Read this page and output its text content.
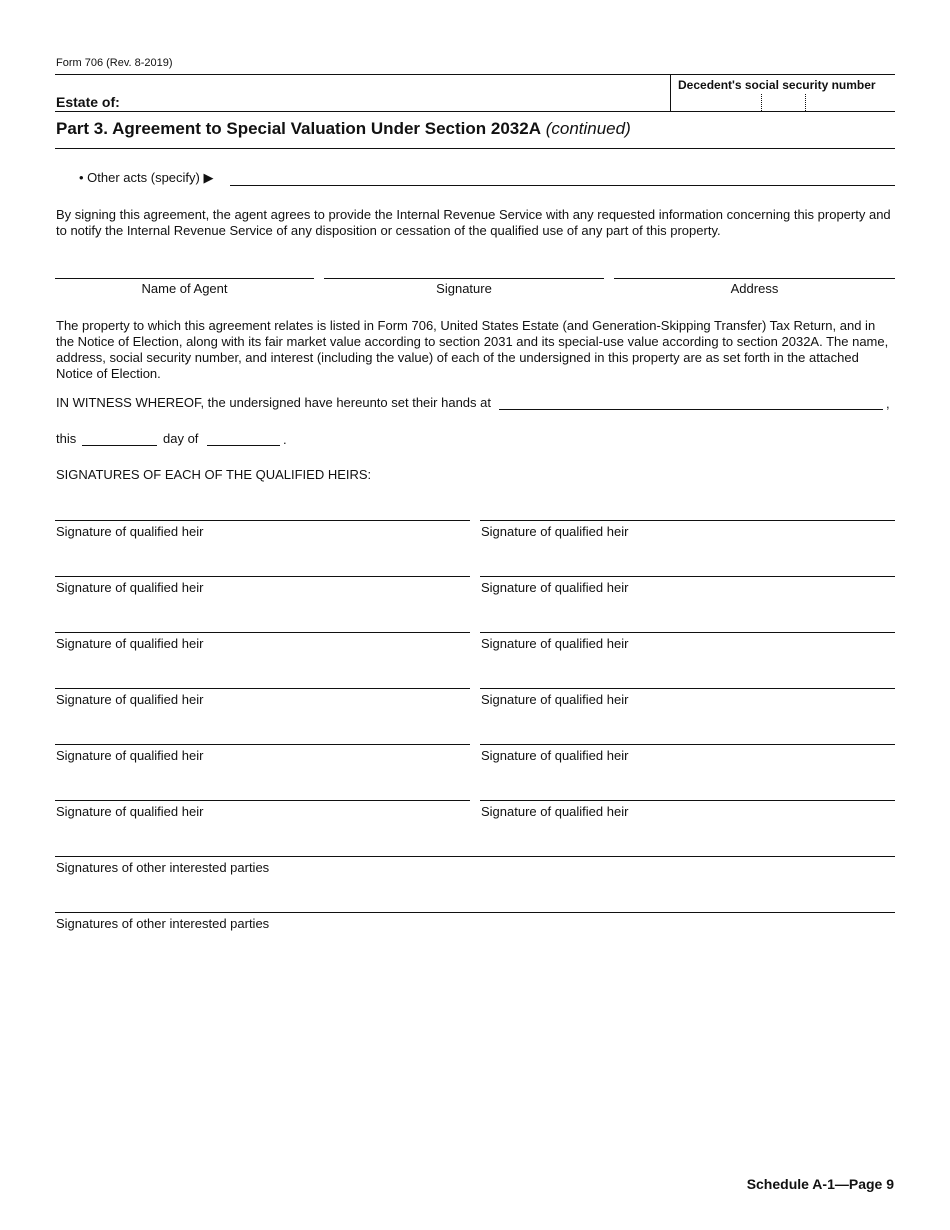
Form 706 (Rev. 8-2019)
Estate of:
Decedent's social security number
Part 3. Agreement to Special Valuation Under Section 2032A (continued)
• Other acts (specify) ▶
By signing this agreement, the agent agrees to provide the Internal Revenue Service with any requested information concerning this property and to notify the Internal Revenue Service of any disposition or cessation of the qualified use of any part of this property.
Name of Agent	Signature	Address
The property to which this agreement relates is listed in Form 706, United States Estate (and Generation-Skipping Transfer) Tax Return, and in the Notice of Election, along with its fair market value according to section 2031 and its special-use value according to section 2032A. The name, address, social security number, and interest (including the value) of each of the undersigned in this property are as set forth in the attached Notice of Election.
IN WITNESS WHEREOF, the undersigned have hereunto set their hands at	,
this	day of	.
SIGNATURES OF EACH OF THE QUALIFIED HEIRS:
Signature of qualified heir	Signature of qualified heir
Signature of qualified heir	Signature of qualified heir
Signature of qualified heir	Signature of qualified heir
Signature of qualified heir	Signature of qualified heir
Signature of qualified heir	Signature of qualified heir
Signature of qualified heir	Signature of qualified heir
Signatures of other interested parties
Signatures of other interested parties
Schedule A-1—Page 9
